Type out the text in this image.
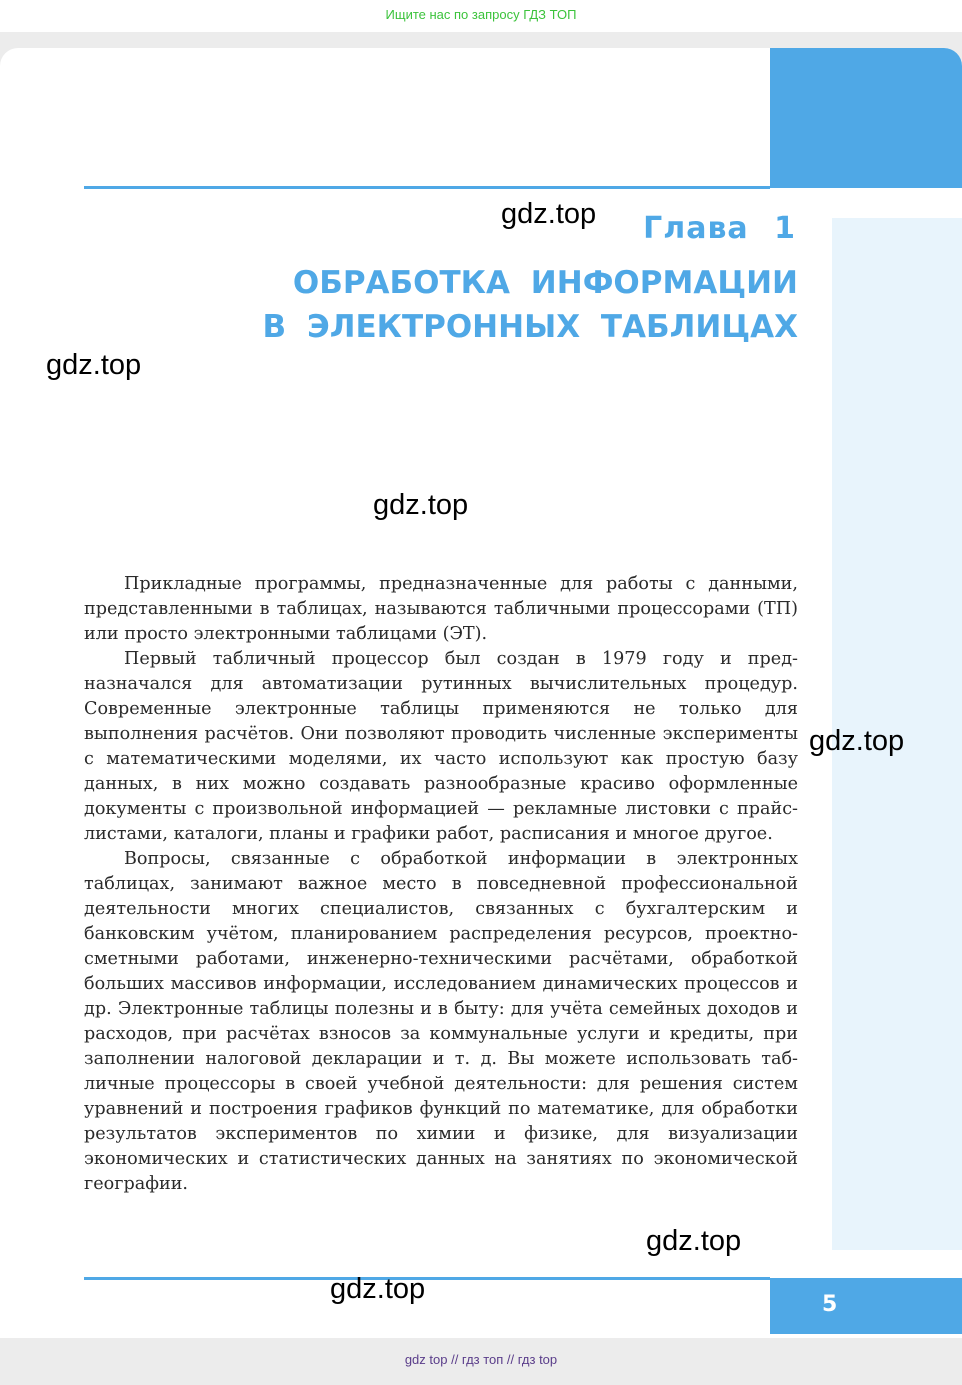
Ищите нас по запросу ГДЗ ТОП
Глава 1
ОБРАБОТКА ИНФОРМАЦИИ
В ЭЛЕКТРОННЫХ ТАБЛИЦАХ

Прикладные программы, предназначенные для работы с данными, представленными в таблицах, называются табличными процессорами (ТП) или просто электронными таблицами (ЭТ).

Первый табличный процессор был создан в 1979 году и предназначался для автоматизации рутинных вычислительных процедур. Современные электронные таблицы применяются не только для выполнения расчётов. Они позволяют проводить численные эксперименты с математическими моделями, их часто используют как простую базу данных, в них можно создавать разнообразные красиво оформленные документы с произвольной информацией — рекламные листовки с прайс-листами, каталоги, планы и графики работ, расписания и многое другое.

Вопросы, связанные с обработкой информации в электронных таблицах, занимают важное место в повседневной профессиональной деятельности многих специалистов, связанных с бухгалтерским и банковским учётом, планированием распределения ресурсов, проектно-сметными работами, инженерно-техническими расчётами, обработкой больших массивов информации, исследованием динамических процессов и др. Электронные таблицы полезны и в быту: для учёта семейных доходов и расходов, при расчётах взносов за коммунальные услуги и кредиты, при заполнении налоговой декларации и т. д. Вы можете использовать табличные процессоры в своей учебной деятельности: для решения систем уравнений и построения графиков функций по математике, для обработки результатов экспериментов по химии и физике, для визуализации экономических и статистических данных на занятиях по экономической географии.

5
gdz.top
gdz.top
gdz.top
gdz.top
gdz.top
gdz.top
gdz top // гдз топ // гдз top
